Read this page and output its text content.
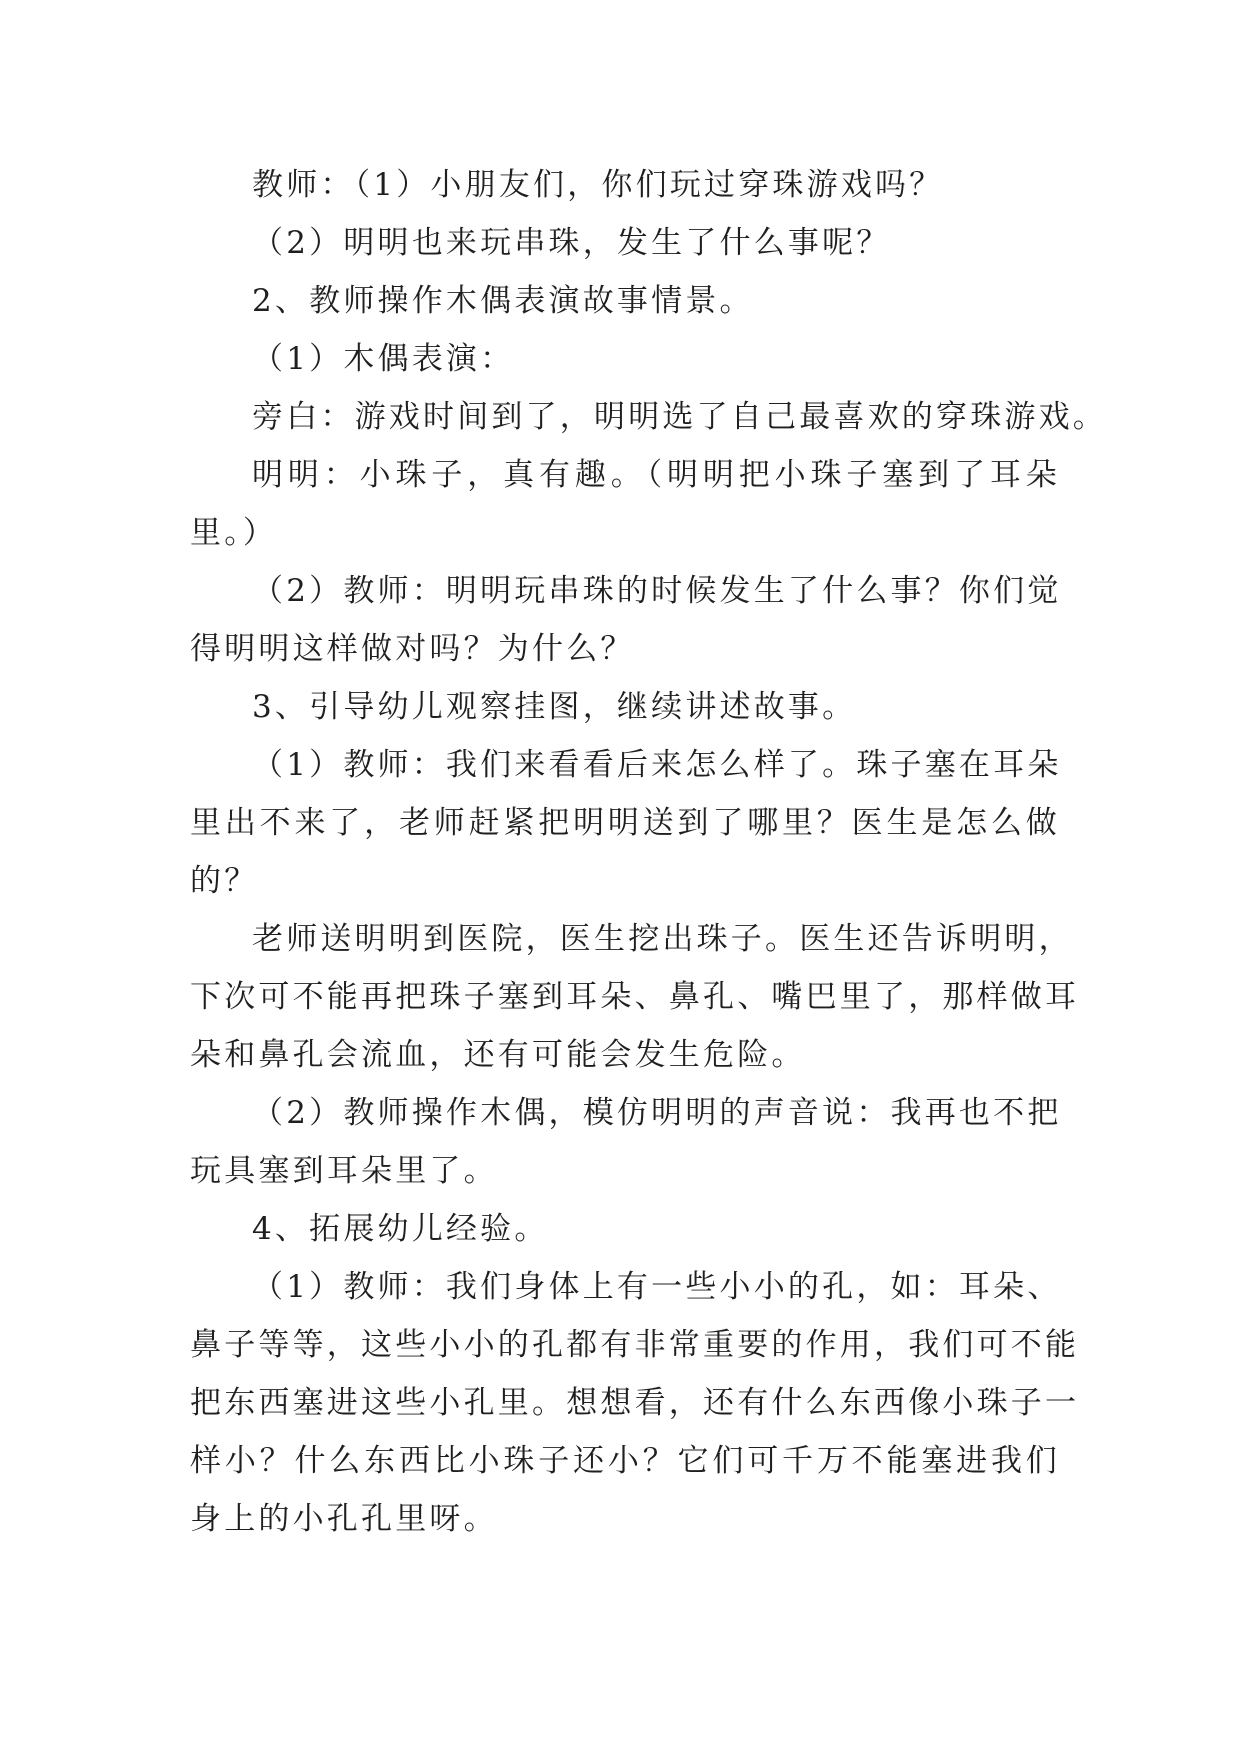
教师：（1）小朋友们，你们玩过穿珠游戏吗？
（2）明明也来玩串珠，发生了什么事呢？
2、教师操作木偶表演故事情景。
（1）木偶表演：
旁白：游戏时间到了，明明选了自己最喜欢的穿珠游戏。
明明：小珠子，真有趣。（明明把小珠子塞到了耳朵
里。）
（2）教师：明明玩串珠的时候发生了什么事？你们觉
得明明这样做对吗？为什么？
3、引导幼儿观察挂图，继续讲述故事。
（1）教师：我们来看看后来怎么样了。珠子塞在耳朵
里出不来了，老师赶紧把明明送到了哪里？医生是怎么做
的？
老师送明明到医院，医生挖出珠子。医生还告诉明明，
下次可不能再把珠子塞到耳朵、鼻孔、嘴巴里了，那样做耳
朵和鼻孔会流血，还有可能会发生危险。
（2）教师操作木偶，模仿明明的声音说：我再也不把
玩具塞到耳朵里了。
4、拓展幼儿经验。
（1）教师：我们身体上有一些小小的孔，如：耳朵、
鼻子等等，这些小小的孔都有非常重要的作用，我们可不能
把东西塞进这些小孔里。想想看，还有什么东西像小珠子一
样小？什么东西比小珠子还小？它们可千万不能塞进我们
身上的小孔孔里呀。
